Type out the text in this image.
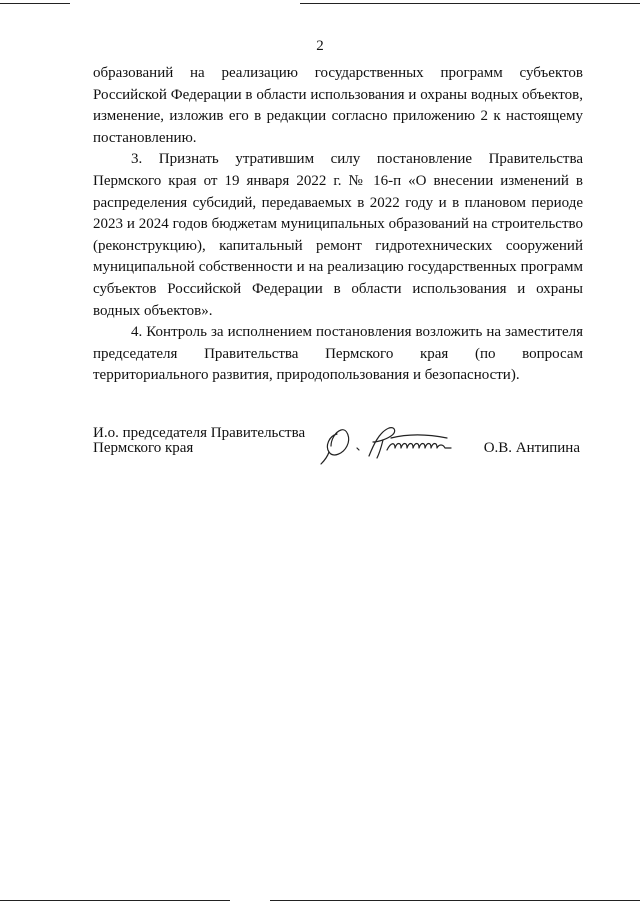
2

образований на реализацию государственных программ субъектов Российской Федерации в области использования и охраны водных объектов, изменение, изложив его в редакции согласно приложению 2 к настоящему постановлению.

3. Признать утратившим силу постановление Правительства Пермского края от 19 января 2022 г. № 16-п «О внесении изменений в распределения субсидий, передаваемых в 2022 году и в плановом периоде 2023 и 2024 годов бюджетам муниципальных образований на строительство (реконструкцию), капитальный ремонт гидротехнических сооружений муниципальной собственности и на реализацию государственных программ субъектов Российской Федерации в области использования и охраны водных объектов».

4. Контроль за исполнением постановления возложить на заместителя председателя Правительства Пермского края (по вопросам территориального развития, природопользования и безопасности).

И.о. председателя Правительства
Пермского края	О.В. Антипина
